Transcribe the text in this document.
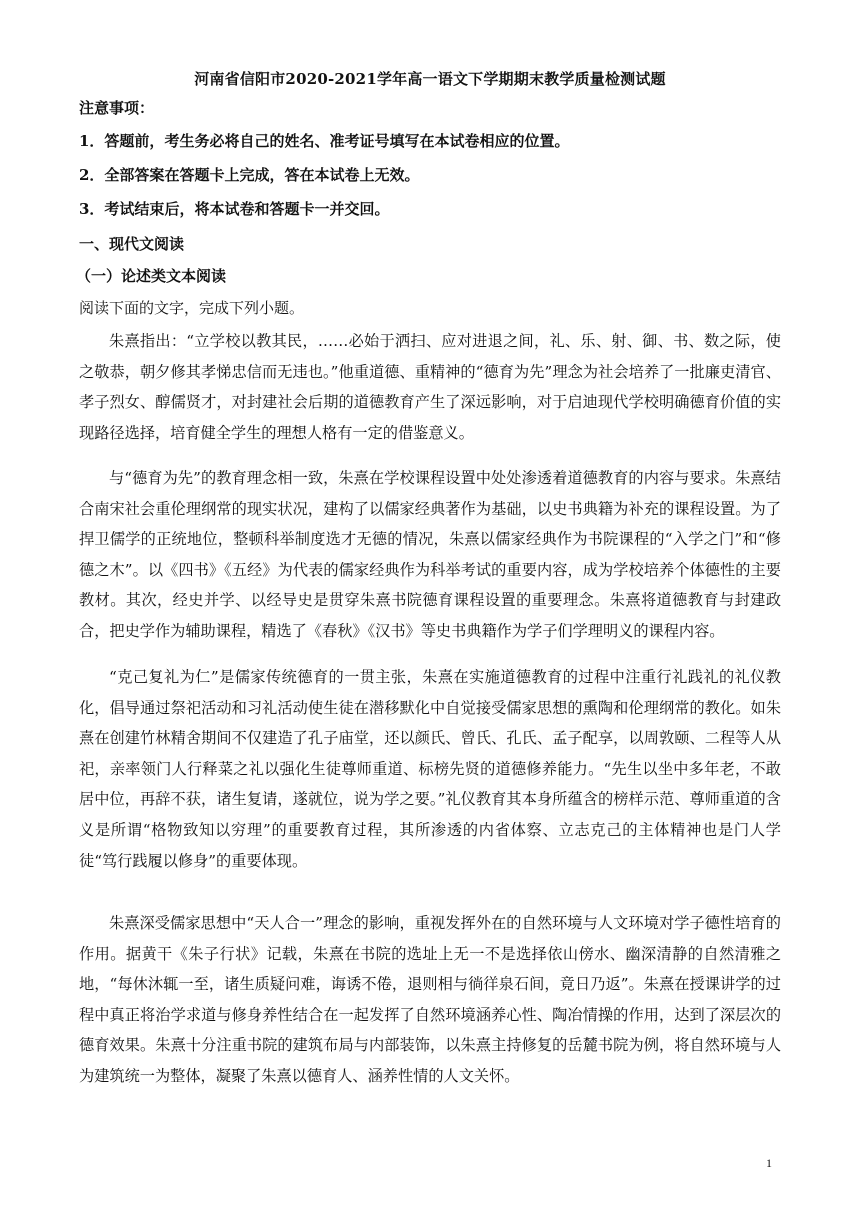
河南省信阳市2020-2021学年高一语文下学期期末教学质量检测试题
注意事项：
1．答题前，考生务必将自己的姓名、准考证号填写在本试卷相应的位置。
2．全部答案在答题卡上完成，答在本试卷上无效。
3．考试结束后，将本试卷和答题卡一并交回。
一、现代文阅读
（一）论述类文本阅读
阅读下面的文字，完成下列小题。
朱熹指出：“立学校以教其民，……必始于洒扫、应对进退之间，礼、乐、射、御、书、数之际，使之敬恭，朝夕修其孝悌忠信而无违也。”他重道德、重精神的“德育为先”理念为社会培养了一批廉吏清官、孝子烈女、醇儒贤才，对封建社会后期的道德教育产生了深远影响，对于启迪现代学校明确德育价值的实现路径选择，培育健全学生的理想人格有一定的借鉴意义。
与“德育为先”的教育理念相一致，朱熹在学校课程设置中处处渗透着道德教育的内容与要求。朱熹结合南宋社会重伦理纲常的现实状况，建构了以儒家经典著作为基础，以史书典籍为补充的课程设置。为了捍卫儒学的正统地位，整顿科举制度选才无德的情况，朱熹以儒家经典作为书院课程的“入学之门”和“修德之木”。以《四书》《五经》为代表的儒家经典作为科举考试的重要内容，成为学校培养个体德性的主要教材。其次，经史并学、以经导史是贯穿朱熹书院德育课程设置的重要理念。朱熹将道德教育与封建政合，把史学作为辅助课程，精选了《春秋》《汉书》等史书典籍作为学子们学理明义的课程内容。
“克己复礼为仁”是儒家传统德育的一贯主张，朱熹在实施道德教育的过程中注重行礼践礼的礼仪教化，倡导通过祭祀活动和习礼活动使生徒在潜移默化中自觉接受儒家思想的熏陶和伦理纲常的教化。如朱熹在创建竹林精舍期间不仅建造了孔子庙堂，还以颜氏、曾氏、孔氏、孟子配享，以周敦颐、二程等人从祀，亲率领门人行释菜之礼以强化生徒尊师重道、标榜先贤的道德修养能力。“先生以坐中多年老，不敢居中位，再辞不获，诸生复请，遂就位，说为学之要。”礼仪教育其本身所蕴含的榜样示范、尊师重道的含义是所谓“格物致知以穷理”的重要教育过程，其所渗透的内省体察、立志克己的主体精神也是门人学徒“笃行践履以修身”的重要体现。
朱熹深受儒家思想中“天人合一”理念的影响，重视发挥外在的自然环境与人文环境对学子德性培育的作用。据黄干《朱子行状》记载，朱熹在书院的选址上无一不是选择依山傍水、幽深清静的自然清雅之地，“每休沐辄一至，诸生质疑问难，诲诱不倦，退则相与徜徉泉石间，竟日乃返”。朱熹在授课讲学的过程中真正将治学求道与修身养性结合在一起发挥了自然环境涵养心性、陶冶情操的作用，达到了深层次的德育效果。朱熹十分注重书院的建筑布局与内部装饰，以朱熹主持修复的岳麓书院为例，将自然环境与人为建筑统一为整体，凝聚了朱熹以德育人、涵养性情的人文关怀。
1
